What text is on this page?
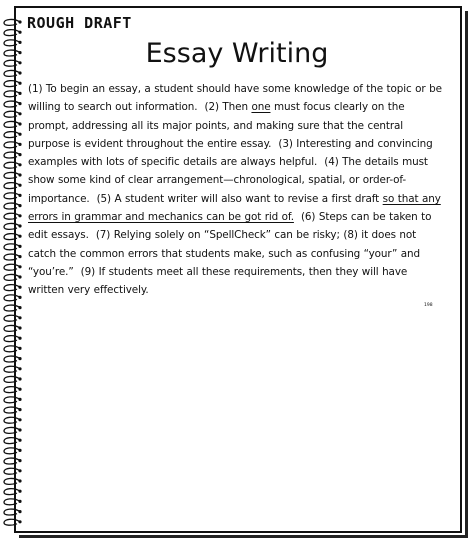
ROUGH DRAFT
Essay Writing
(1) To begin an essay, a student should have some knowledge of the topic or be willing to search out information. (2) Then one must focus clearly on the prompt, addressing all its major points, and making sure that the central purpose is evident throughout the entire essay. (3) Interesting and convincing examples with lots of specific details are always helpful. (4) The details must show some kind of clear arrangement—chronological, spatial, or order-of-importance. (5) A student writer will also want to revise a first draft so that any errors in grammar and mechanics can be got rid of. (6) Steps can be taken to edit essays. (7) Relying solely on “SpellCheck” can be risky; (8) it does not catch the common errors that students make, such as confusing “your” and “you’re.” (9) If students meet all these requirements, then they will have written very effectively.
198
